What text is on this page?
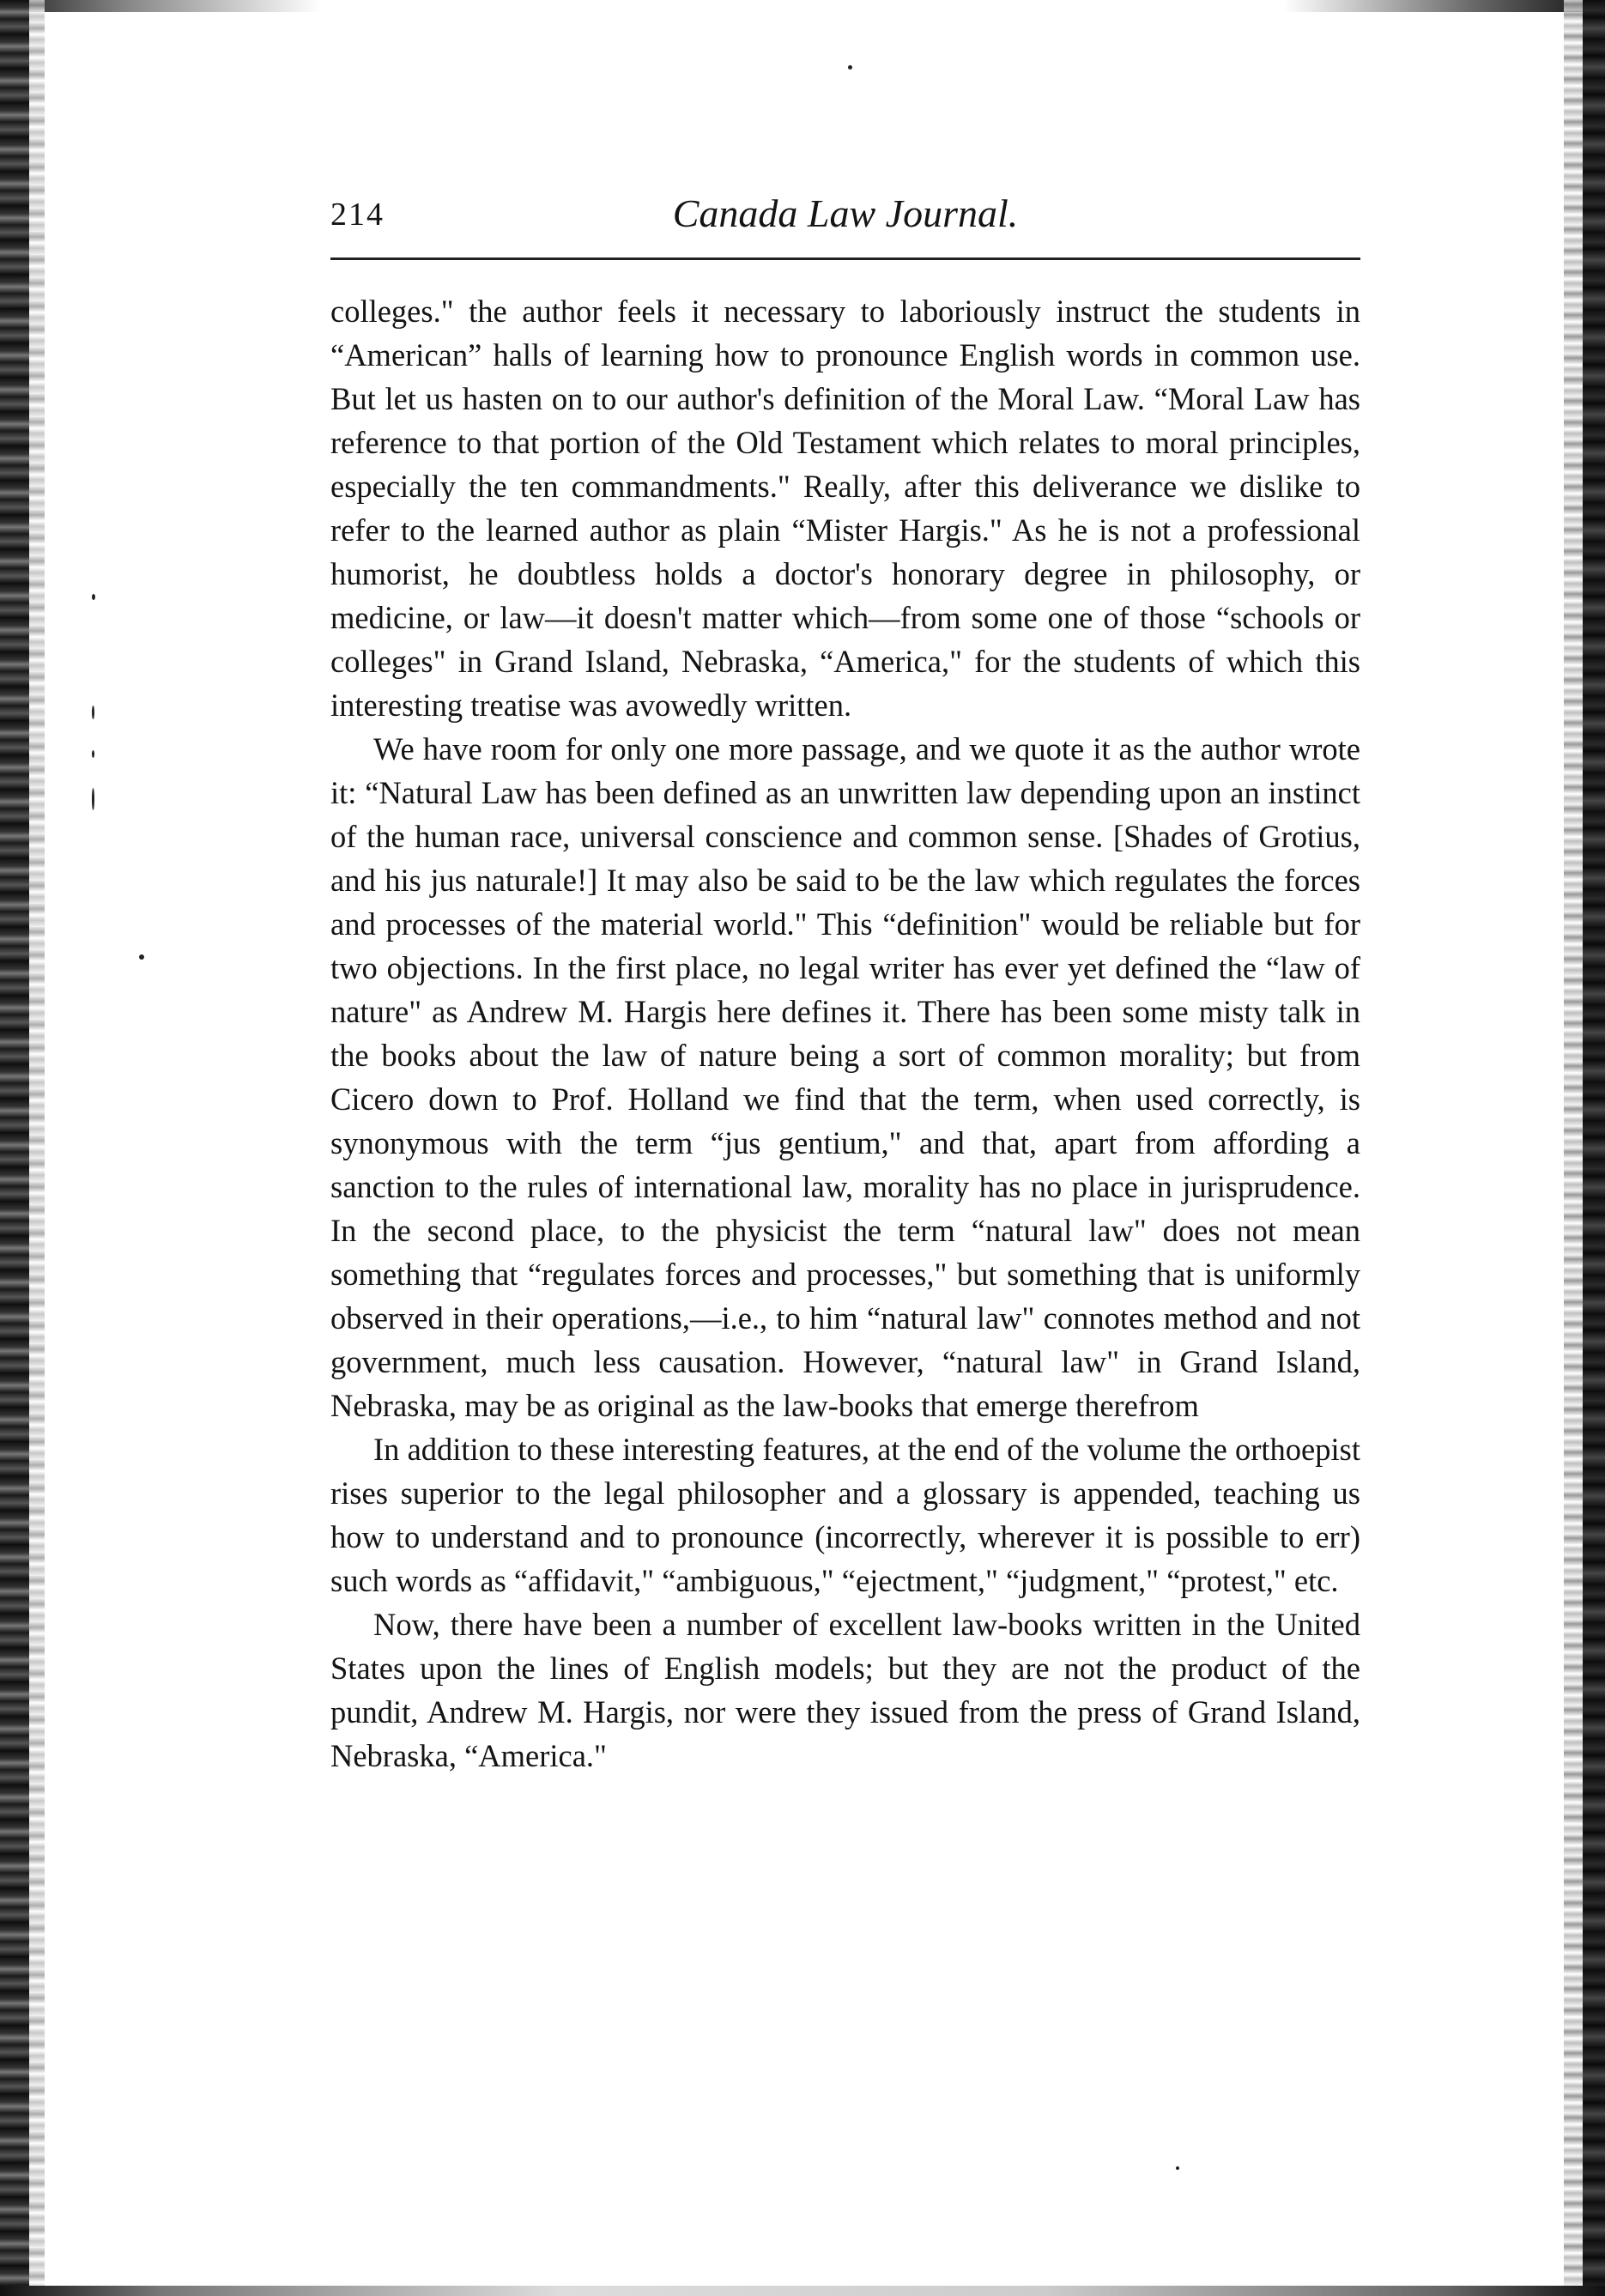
214	Canada Law Journal.

colleges." the author feels it necessary to laboriously instruct the students in “American” halls of learning how to pronounce English words in common use. But let us hasten on to our author's definition of the Moral Law. “Moral Law has reference to that portion of the Old Testament which relates to moral principles, especially the ten commandments." Really, after this deliverance we dislike to refer to the learned author as plain “Mister Hargis." As he is not a professional humorist, he doubtless holds a doctor's honorary degree in philosophy, or medicine, or law—it doesn't matter which—from some one of those “schools or colleges" in Grand Island, Nebraska, “America," for the students of which this interesting treatise was avowedly written.

We have room for only one more passage, and we quote it as the author wrote it: “Natural Law has been defined as an unwritten law depending upon an instinct of the human race, universal conscience and common sense. [Shades of Grotius, and his jus naturale!] It may also be said to be the law which regulates the forces and processes of the material world." This “definition" would be reliable but for two objections. In the first place, no legal writer has ever yet defined the “law of nature" as Andrew M. Hargis here defines it. There has been some misty talk in the books about the law of nature being a sort of common morality; but from Cicero down to Prof. Holland we find that the term, when used correctly, is synonymous with the term “jus gentium," and that, apart from affording a sanction to the rules of international law, morality has no place in jurisprudence. In the second place, to the physicist the term “natural law" does not mean something that “regulates forces and processes," but something that is uniformly observed in their operations,—i.e., to him “natural law" connotes method and not government, much less causation. However, “natural law" in Grand Island, Nebraska, may be as original as the law-books that emerge therefrom

In addition to these interesting features, at the end of the volume the orthoepist rises superior to the legal philosopher and a glossary is appended, teaching us how to understand and to pronounce (incorrectly, wherever it is possible to err) such words as “affidavit," “ambiguous," “ejectment," “judgment," “protest," etc.

Now, there have been a number of excellent law-books written in the United States upon the lines of English models; but they are not the product of the pundit, Andrew M. Hargis, nor were they issued from the press of Grand Island, Nebraska, “America."
